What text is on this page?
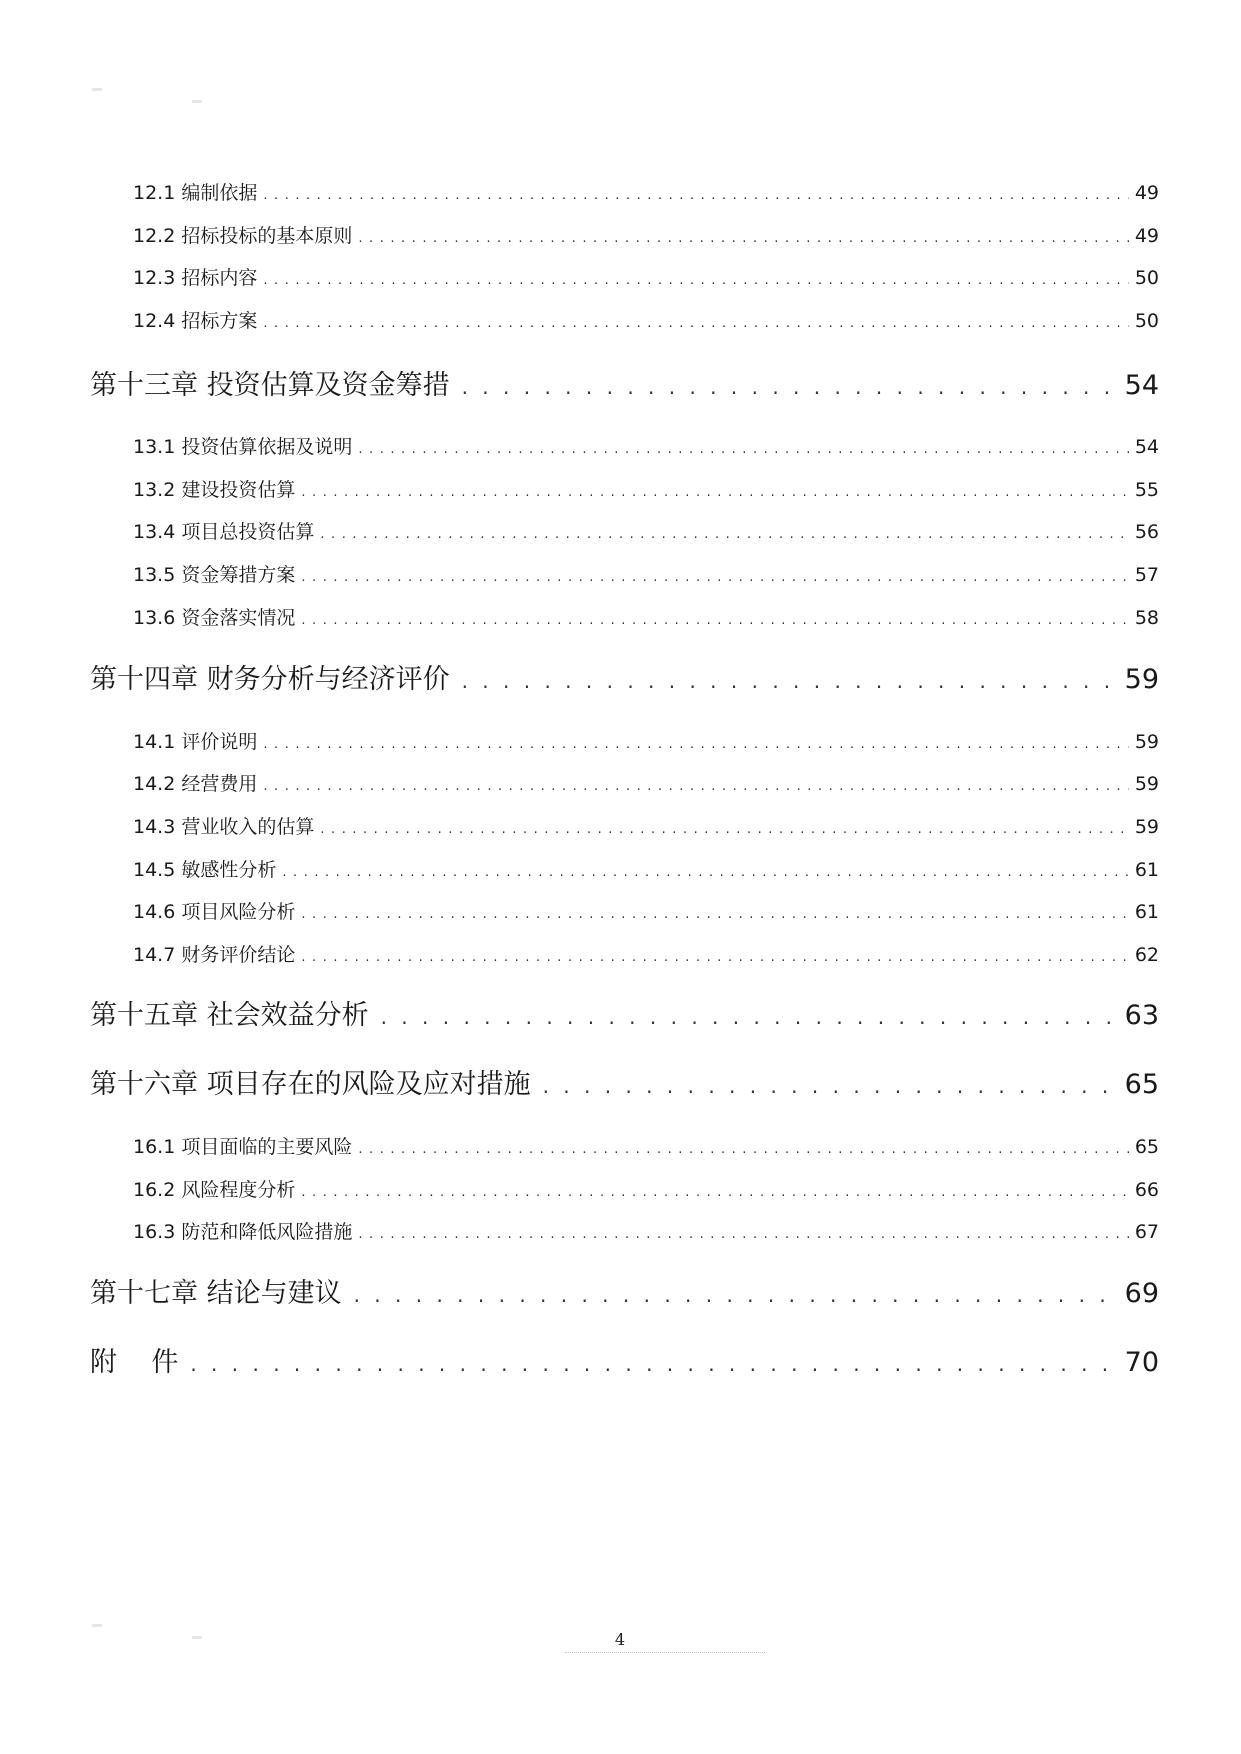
12.1 编制依据 . . .	49
12.2 招标投标的基本原则 . . .	49
12.3 招标内容 . . .	50
12.4 招标方案 . . .	50
第十三章 投资估算及资金筹措 . . .	54
13.1 投资估算依据及说明 . . .	54
13.2 建设投资估算 . . .	55
13.4 项目总投资估算 . . .	56
13.5 资金筹措方案 . . .	57
13.6 资金落实情况 . . .	58
第十四章 财务分析与经济评价 . . .	59
14.1 评价说明 . . .	59
14.2 经营费用 . . .	59
14.3 营业收入的估算 . . .	59
14.5 敏感性分析 . . .	61
14.6 项目风险分析 . . .	61
14.7 财务评价结论 . . .	62
第十五章 社会效益分析 . . .	63
第十六章 项目存在的风险及应对措施 . . .	65
16.1 项目面临的主要风险 . . .	65
16.2 风险程度分析 . . .	66
16.3 防范和降低风险措施 . . .	67
第十七章 结论与建议 . . .	69
附    件 . . .	70
4
